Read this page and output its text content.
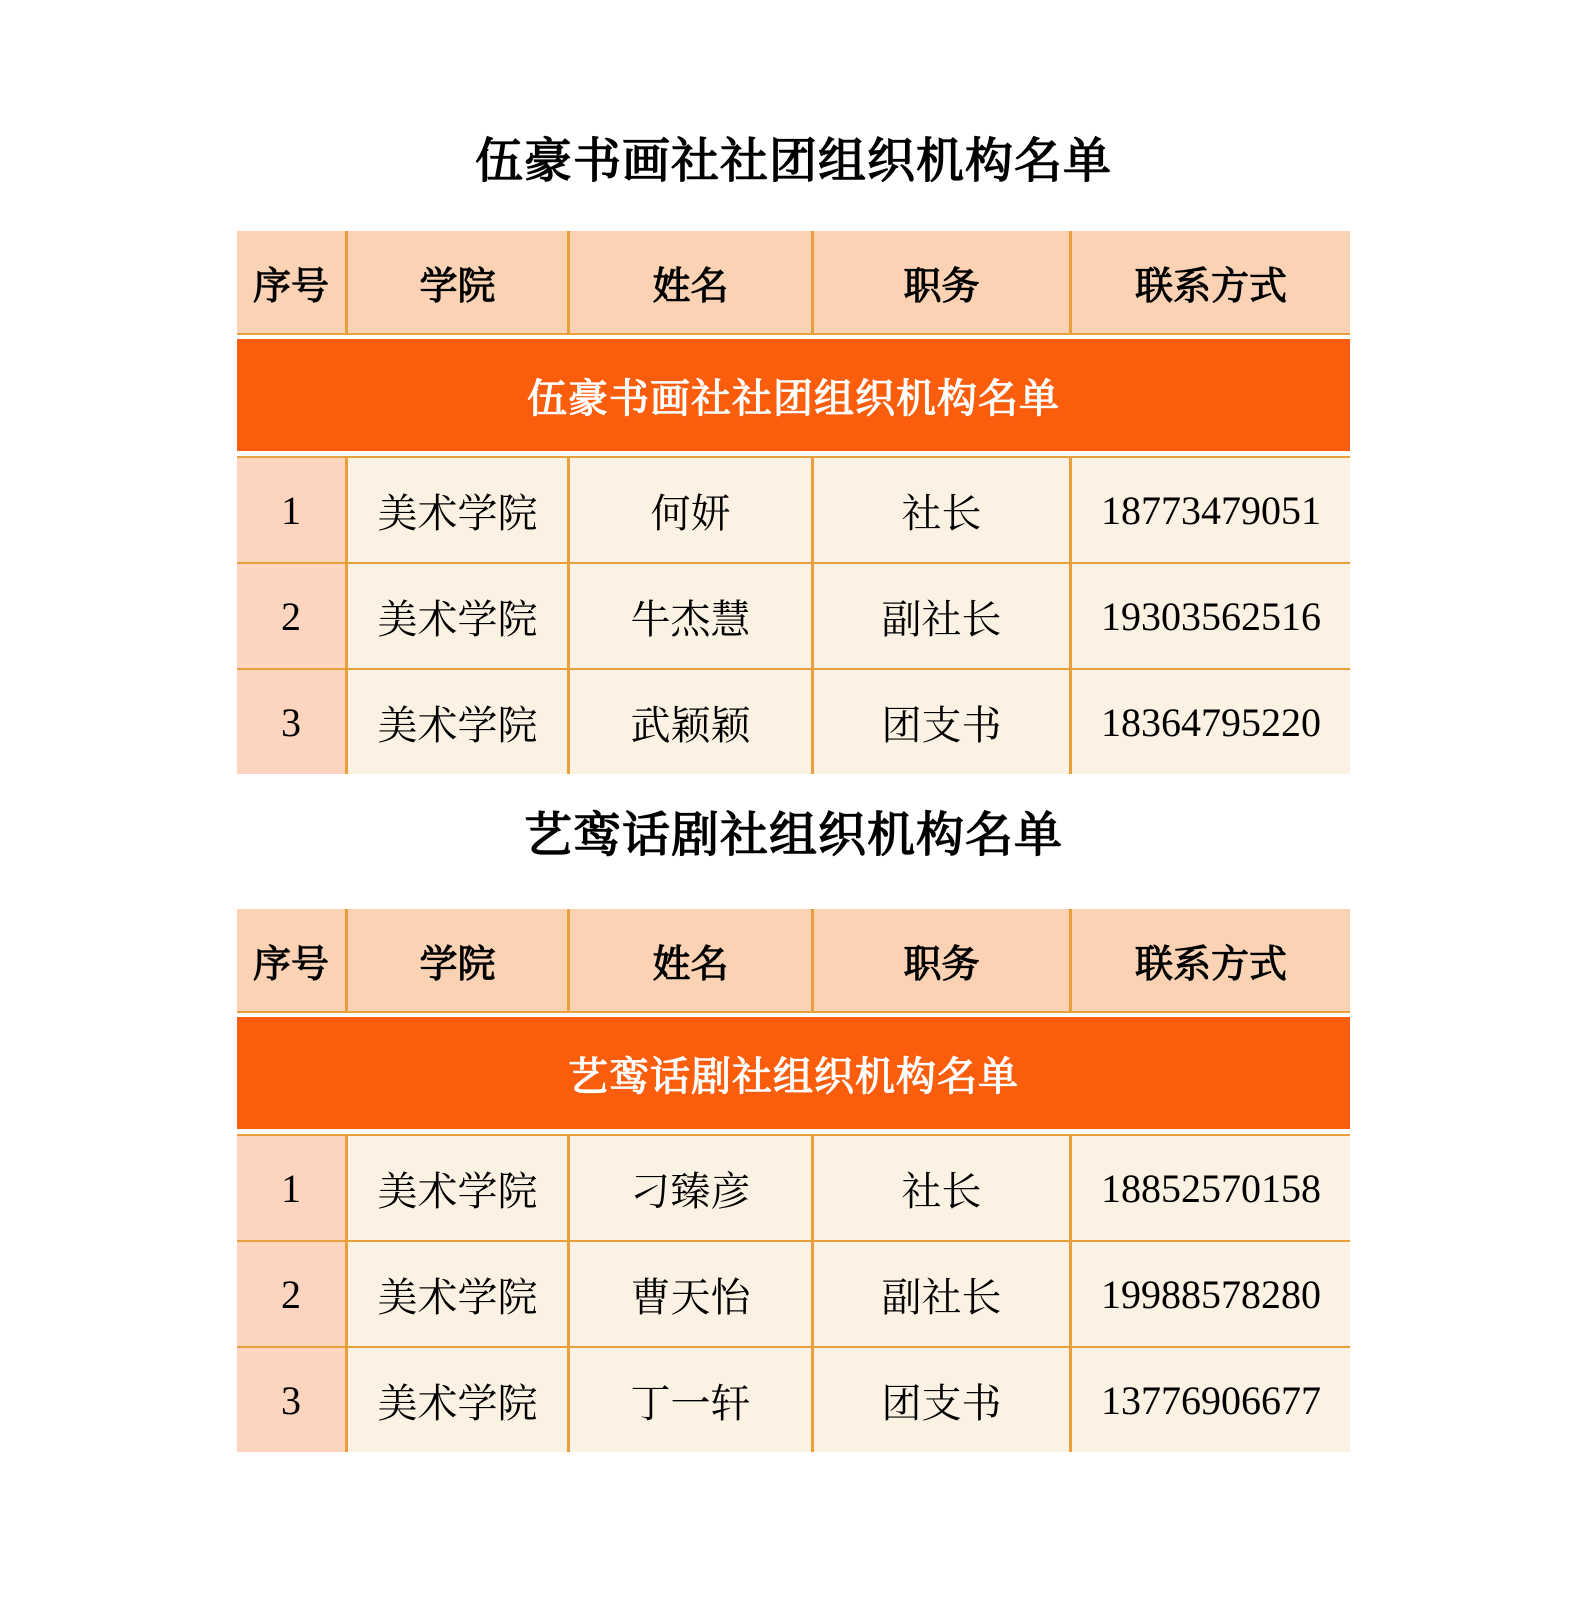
伍豪书画社社团组织机构名单
序号	学院	姓名	职务	联系方式
伍豪书画社社团组织机构名单				
1	美术学院	何妍	社长	18773479051
2	美术学院	牛杰慧	副社长	19303562516
3	美术学院	武颖颖	团支书	18364795220
艺鸾话剧社组织机构名单
序号	学院	姓名	职务	联系方式
艺鸾话剧社组织机构名单				
1	美术学院	刁臻彦	社长	18852570158
2	美术学院	曹天怡	副社长	19988578280
3	美术学院	丁一轩	团支书	13776906677
